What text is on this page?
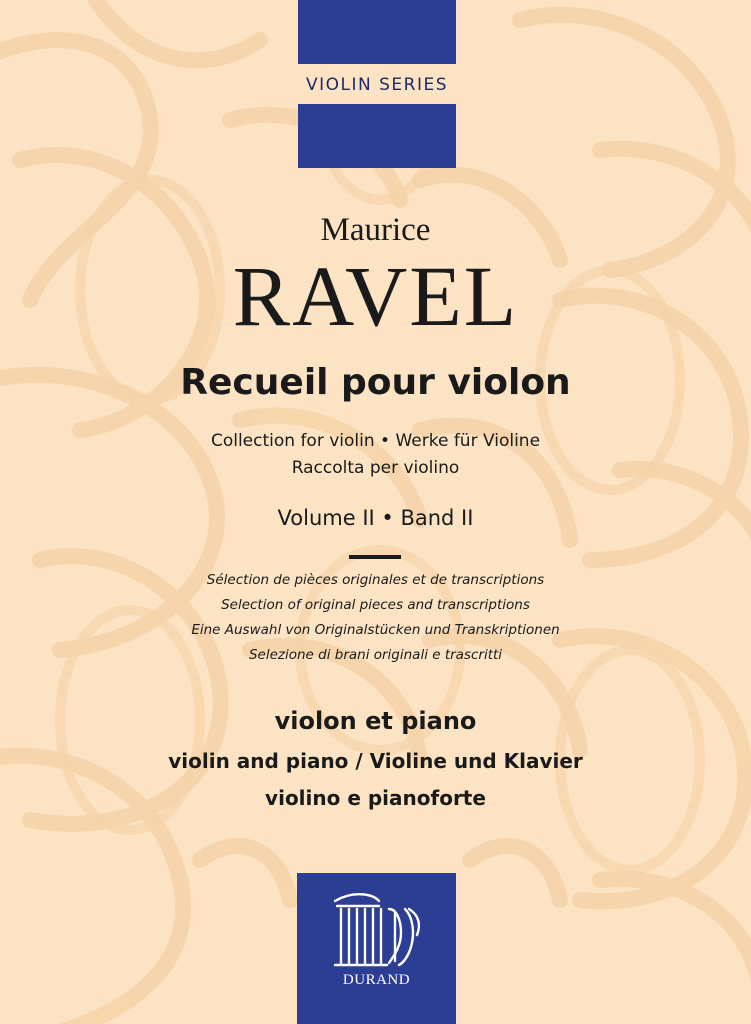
VIOLIN SERIES
Maurice
RAVEL
Recueil pour violon
Collection for violin • Werke für Violine
Raccolta per violino
Volume II • Band II
Sélection de pièces originales et de transcriptions
Selection of original pieces and transcriptions
Eine Auswahl von Originalstücken und Transkriptionen
Selezione di brani originali e trascritti
violon et piano
violin and piano / Violine und Klavier
violino e pianoforte
DURAND
